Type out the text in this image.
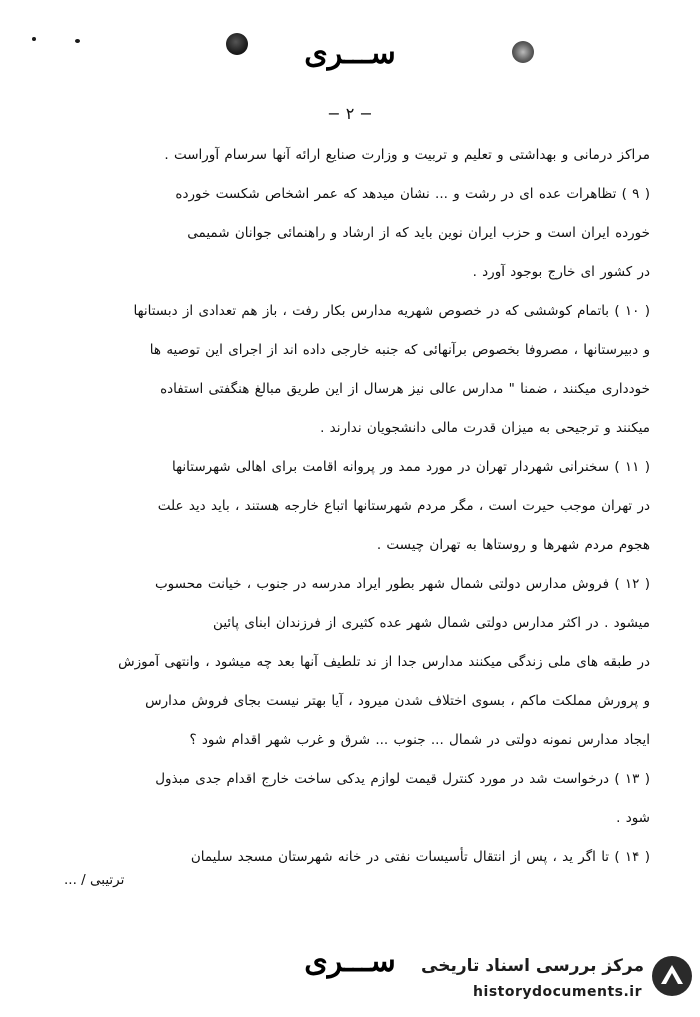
ســـری
− ۲ −
مراکز درمانی و بهداشتی و تعلیم و تربیت و وزارت صنایع ارائه آنها سرسام آوراست .
( ۹ ) تظاهرات عده ای در رشت و ... نشان میدهد که عمر اشخاص شکست خورده
خورده ایران است و حزب ایران نوین باید که از ارشاد و راهنمائی جوانان شمیمی
در کشور ای خارج بوجود آورد .
( ۱۰ ) باتمام کوششی که در خصوص شهریه مدارس بکار رفت ، باز هم تعدادی از دبستانها
و دبیرستانها ، مصروفا بخصوص برآنهائی که جنبه خارجی داده اند از اجرای این توصیه ها
خودداری میکنند ، ضمنا " مدارس عالی نیز هرسال از این طریق مبالغ هنگفتی استفاده
میکنند و ترجیحی به میزان قدرت مالی دانشجویان ندارند .
( ۱۱ ) سخنرانی شهردار تهران در مورد ممد ور پروانه اقامت برای اهالی شهرستانها
در تهران موجب حیرت است ، مگر مردم شهرستانها اتباع خارجه هستند ، باید دید علت
هجوم مردم شهرها و روستاها به تهران چیست .
( ۱۲ ) فروش مدارس دولتی شمال شهر بطور ایراد مدرسه در جنوب ، خیانت محسوب
میشود . در اکثر مدارس دولتی شمال شهر عده کثیری از فرزندان ابنای پائین
در طبقه های ملی زندگی میکنند مدارس جدا از ند تلطیف آنها بعد چه میشود ، وانتهی آموزش
و پرورش مملکت ماکم ، بسوی اختلاف شدن میرود ، آیا بهتر نیست بجای فروش مدارس
ایجاد مدارس نمونه دولتی در شمال ... جنوب ... شرق و غرب شهر اقدام شود ؟
( ۱۳ ) درخواست شد در مورد کنترل قیمت لوازم یدکی ساخت خارج اقدام جدی مبذول
شود .
( ۱۴ ) تا اگر ید ، پس از انتقال تأسیسات نفتی در خانه شهرستان مسجد سلیمان
ترتیبی / ...
ســـری	مرکز بررسی اسناد تاریخی
historydocuments.ir
